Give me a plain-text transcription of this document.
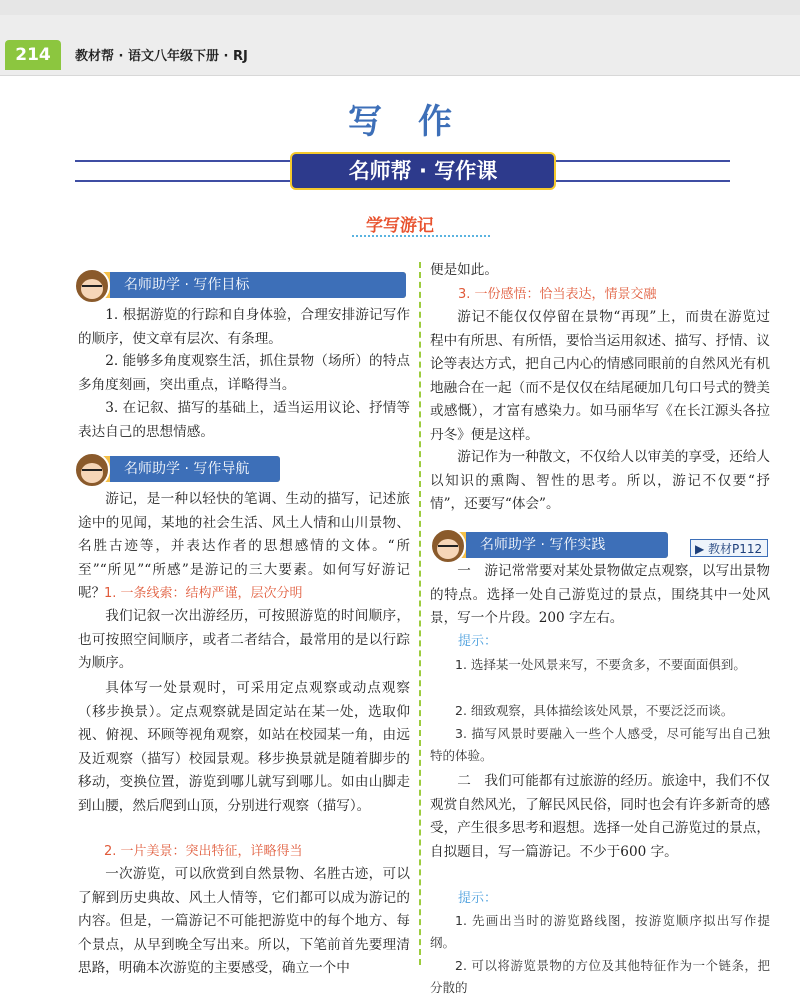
214	教材帮 · 语文八年级下册 · RJ
写作
名师帮 · 写作课
学写游记
名师助学 · 写作目标

1. 根据游览的行踪和自身体验，合理安排游记写作的顺序，使文章有层次、有条理。

2. 能够多角度观察生活，抓住景物（场所）的特点多角度刻画，突出重点，详略得当。

3. 在记叙、描写的基础上，适当运用议论、抒情等表达自己的思想情感。

名师助学 · 写作导航

游记，是一种以轻快的笔调、生动的描写，记述旅途中的见闻，某地的社会生活、风土人情和山川景物、名胜古迹等，并表达作者的思想感情的文体。“所至”“所见”“所感”是游记的三大要素。如何写好游记呢？

1. 一条线索：结构严谨，层次分明

我们记叙一次出游经历，可按照游览的时间顺序，也可按照空间顺序，或者二者结合，最常用的是以行踪为顺序。

具体写一处景观时，可采用定点观察或动点观察（移步换景）。定点观察就是固定站在某一处，选取仰视、俯视、环顾等视角观察，如站在校园某一角，由远及近观察（描写）校园景观。移步换景就是随着脚步的移动，变换位置，游览到哪儿就写到哪儿。如由山脚走到山腰，然后爬到山顶，分别进行观察（描写）。

2. 一片美景：突出特征，详略得当

一次游览，可以欣赏到自然景物、名胜古迹，可以了解到历史典故、风土人情等，它们都可以成为游记的内容。但是，一篇游记不可能把游览中的每个地方、每个景点，从早到晚全写出来。所以，下笔前首先要理清思路，明确本次游览的主要感受，确立一个中

便是如此。

3. 一份感悟：恰当表达，情景交融

游记不能仅仅停留在景物“再现”上，而贵在游览过程中有所思、有所悟，要恰当运用叙述、描写、抒情、议论等表达方式，把自己内心的情感同眼前的自然风光有机地融合在一起（而不是仅仅在结尾硬加几句口号式的赞美或感慨），才富有感染力。如马丽华写《在长江源头各拉丹冬》便是这样。

游记作为一种散文，不仅给人以审美的享受，还给人以知识的熏陶、智性的思考。所以，游记不仅要“抒情”，还要写“体会”。

名师助学 · 写作实践	▶ 教材P112

一　游记常常要对某处景物做定点观察，以写出景物的特点。选择一处自己游览过的景点，围绕其中一处风景，写一个片段。200 字左右。

提示：

1. 选择某一处风景来写，不要贪多，不要面面俱到。

2. 细致观察，具体描绘该处风景，不要泛泛而谈。

3. 描写风景时要融入一些个人感受，尽可能写出自己独特的体验。

二　我们可能都有过旅游的经历。旅途中，我们不仅观赏自然风光，了解民风民俗，同时也会有许多新奇的感受，产生很多思考和遐想。选择一处自己游览过的景点，自拟题目，写一篇游记。不少于600 字。

提示：

1. 先画出当时的游览路线图，按游览顺序拟出写作提纲。

2. 可以将游览景物的方位及其他特征作为一个链条，把分散的
